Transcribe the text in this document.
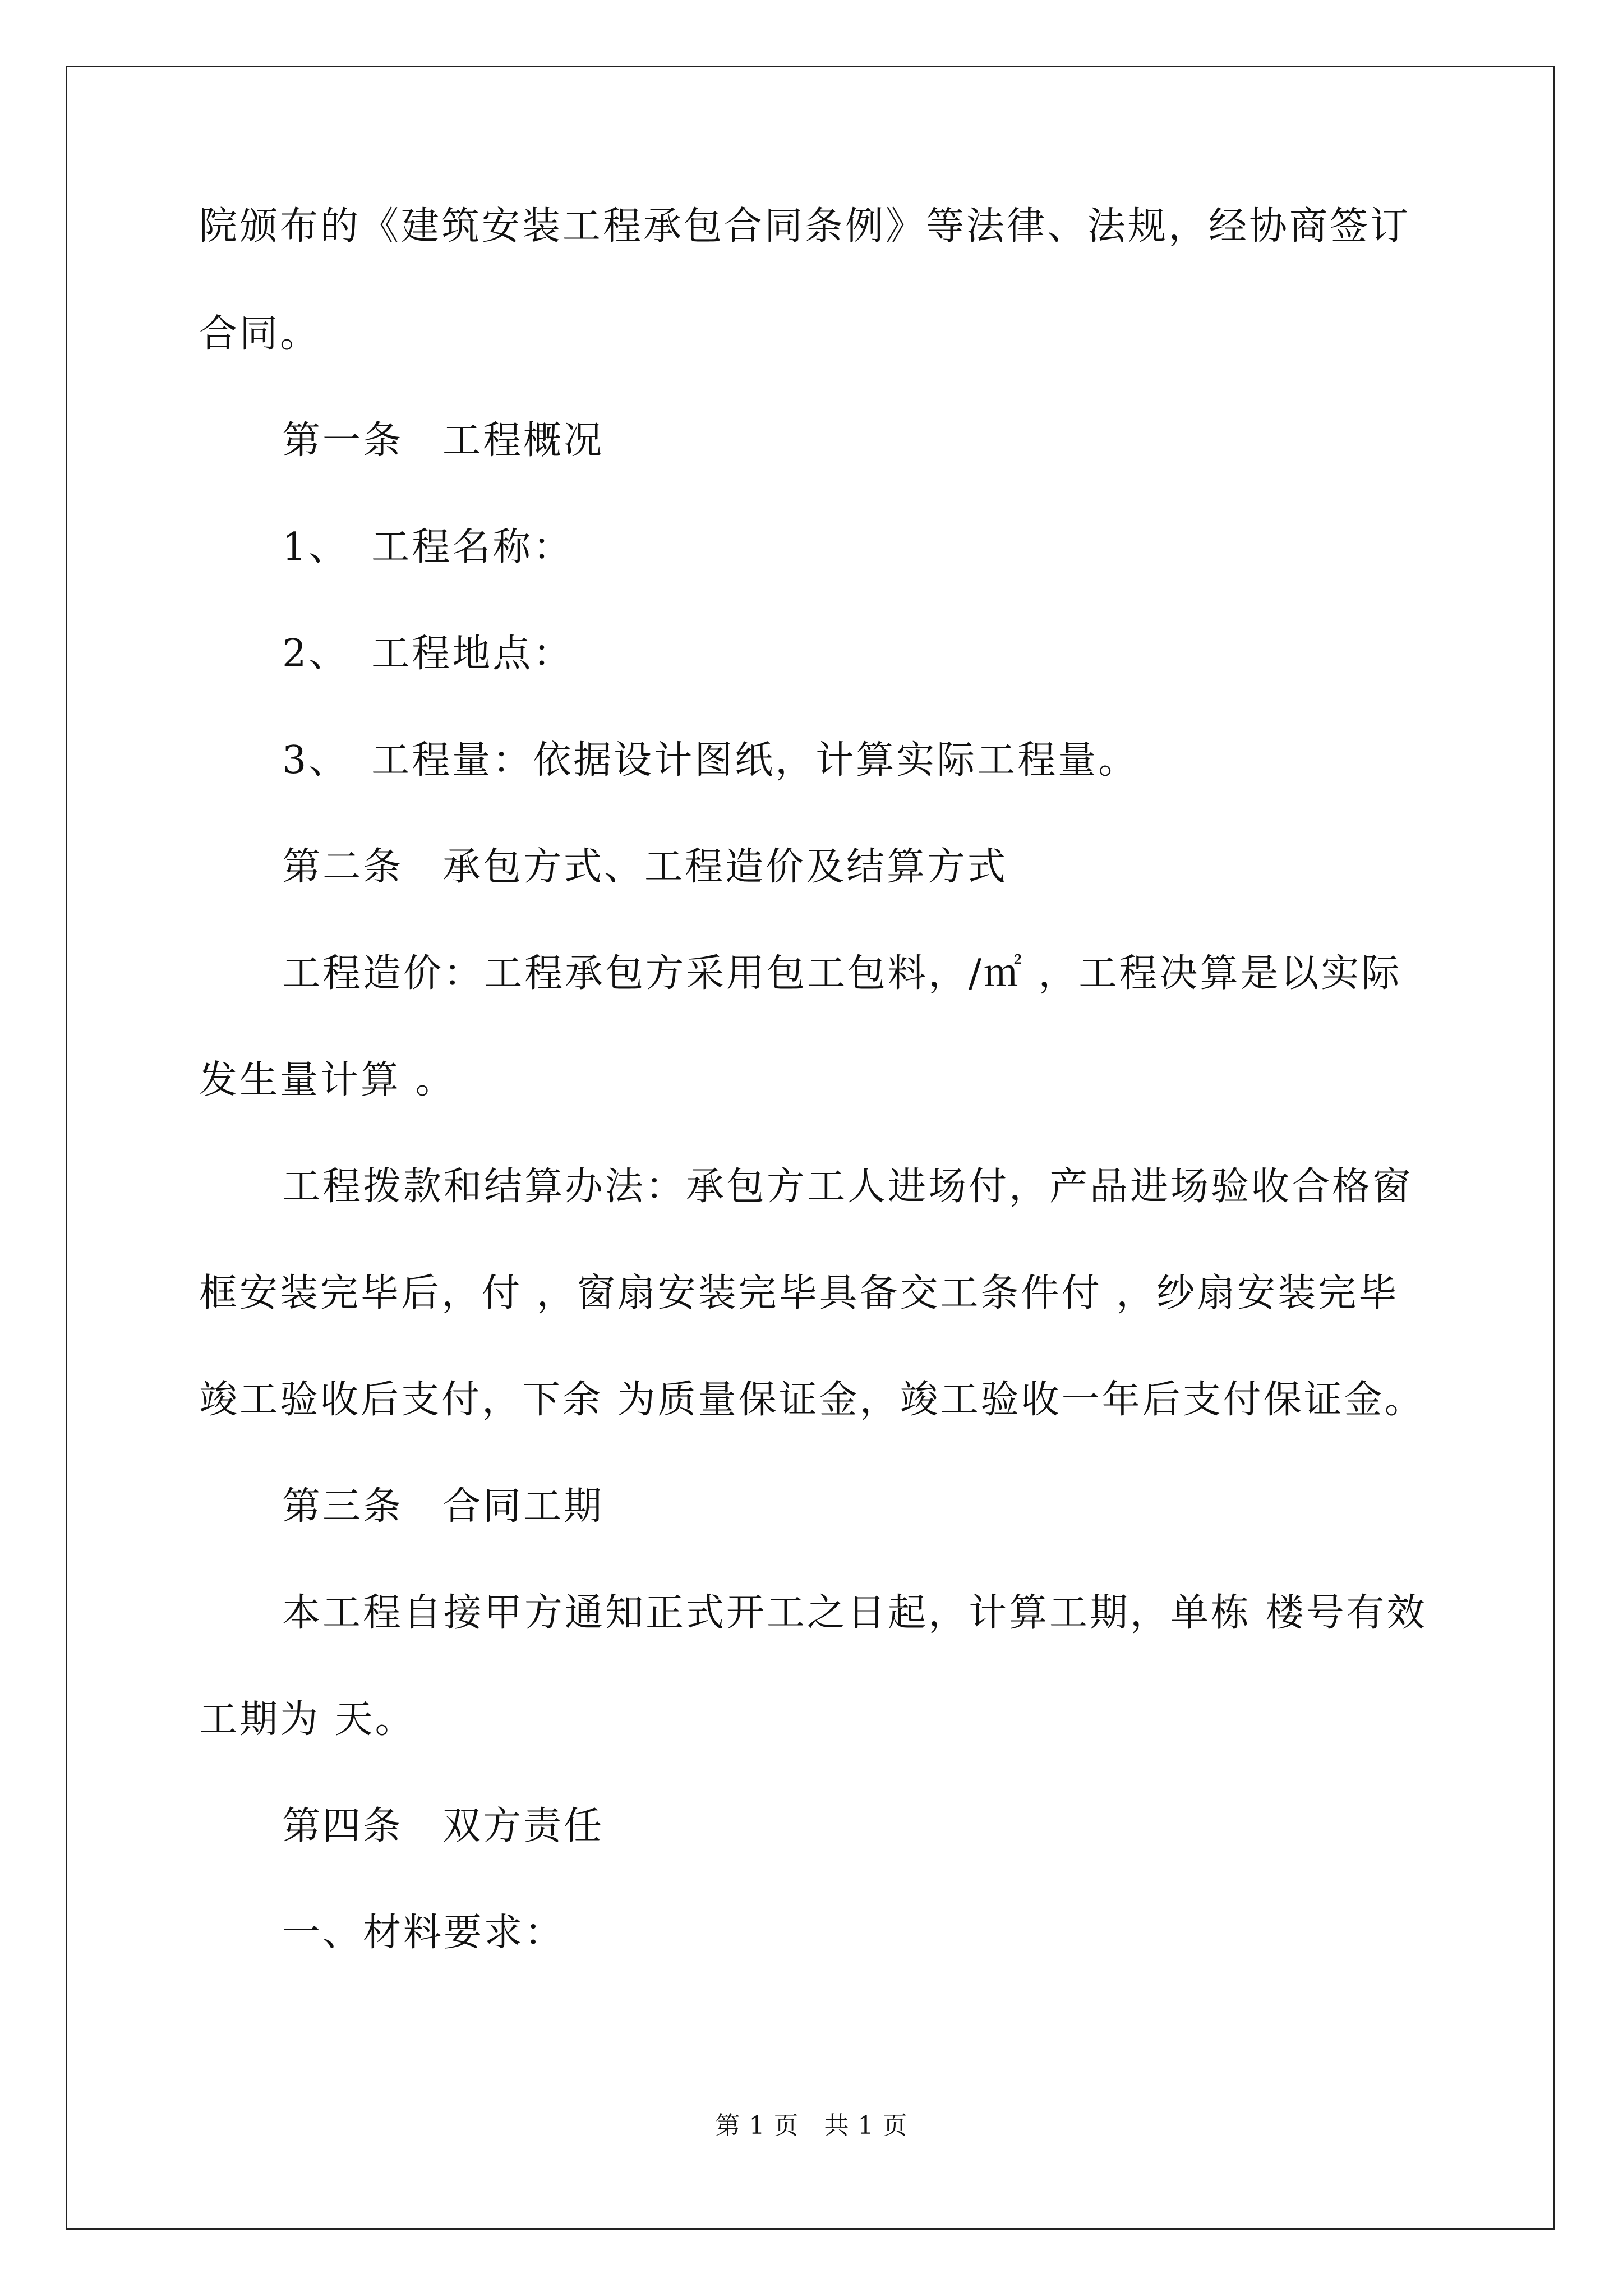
院颁布的《建筑安装工程承包合同条例》等法律、法规，经协商签订
合同。
第一条 工程概况
1、 工程名称：
2、 工程地点：
3、 工程量：依据设计图纸，计算实际工程量。
第二条 承包方式、工程造价及结算方式
工程造价：工程承包方采用包工包料，/㎡ ，工程决算是以实际
发生量计算 。
工程拨款和结算办法：承包方工人进场付，产品进场验收合格窗
框安装完毕后，付 ，窗扇安装完毕具备交工条件付 ，纱扇安装完毕
竣工验收后支付，下余 为质量保证金，竣工验收一年后支付保证金。
第三条 合同工期
本工程自接甲方通知正式开工之日起，计算工期，单栋 楼号有效
工期为 天。
第四条 双方责任
一、材料要求：
第 1 页　共 1 页
